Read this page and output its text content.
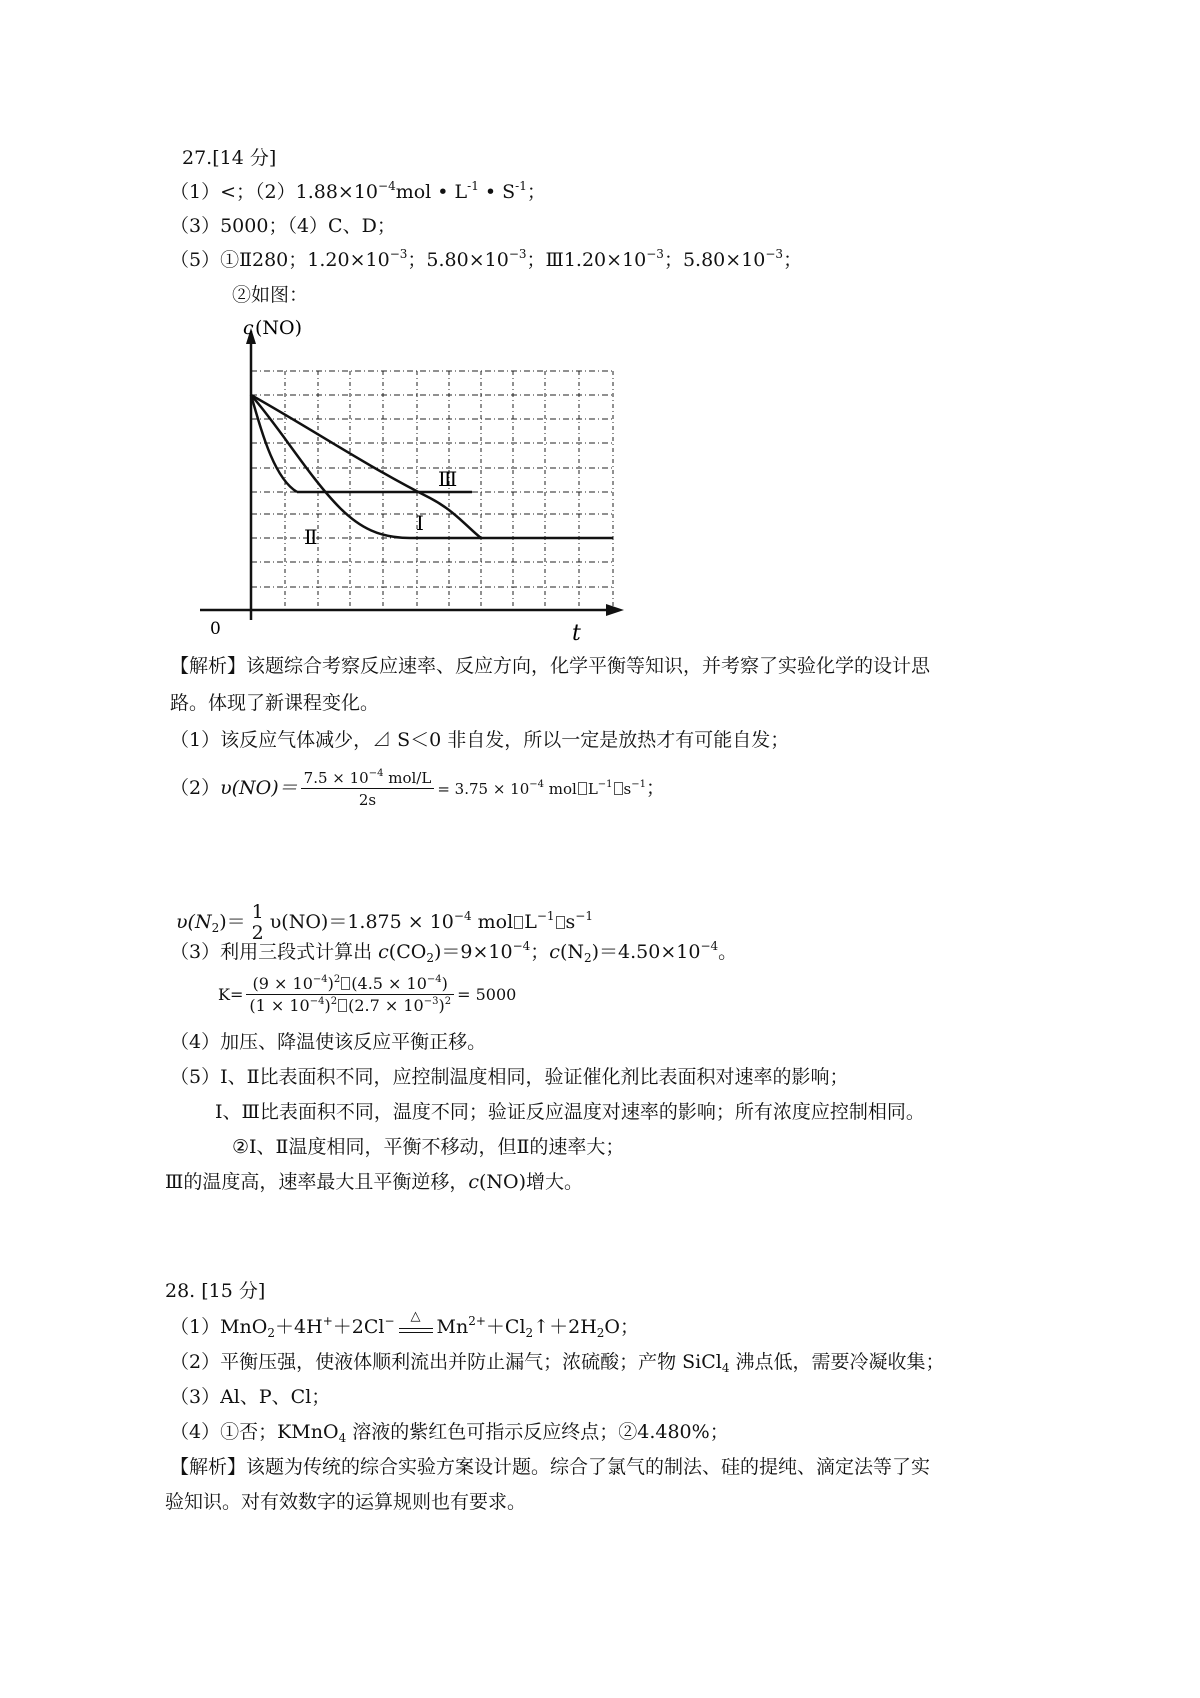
27.[14 分]
（1）<；$(2)1.88\times 10^{-4}mol$ • $L^{-1}$ • $S^{-1}$；
（3）5000；（4）C、D；
（5）①Ⅱ280；$1.20\times 10^{-3}$；$5.80\times 10^{-3}$；$Ⅲ1.20\times 10^{-3}$；$5.80\times 10^{-3}$；
②如图：
c (NO)
t
0
Ⅰ
Ⅱ
Ⅲ
【解析】该题综合考察反应速率、反应方向，化学平衡等知识，并考察了实验化学的设计思
路。体现了新课程变化。
（1）该反应气体减少，⊿ S＜0 非自发，所以一定是放热才有可能自发；
$(2)\upsilon(NO)= \frac{7.5 \times 10^{-4} mol/L}{2s} = 3.75 \times 10^{-4}$ mol $L^{-1}$ $s^{-1}$；
$\upsilon(N_2)= 1$
2 $\upsilon(NO)=1.875 \times 10^{-4}$ mol $L^{-1}$ $s^{-1}$
（3）利用三段式计算出 $c(CO_2)=9\times 10^{-4}$；$c(N_2)=4.50\times 10^{-4}$。
$K= \frac{(9 \times 10^{-4})^2 (4.5 \times 10^{-4})}{(1 \times 10^{-4})^2 (2.7 \times 10^{-3})^2} = 5000$
（4）加压、降温使该反应平衡正移。
（5）Ⅰ、Ⅱ比表面积不同，应控制温度相同，验证催化剂比表面积对速率的影响；
Ⅰ、Ⅲ比表面积不同，温度不同；验证反应温度对速率的影响；所有浓度应控制相同。
②Ⅰ、Ⅱ温度相同，平衡不移动，但Ⅱ的速率大；
Ⅲ的温度高，速率最大且平衡逆移，c(NO)增大。
28. [15 分]
（1）MnO$_2$＋4H+＋2Cl−	△ $Mn^{2+}+Cl_2↑+2H_2O$；
（2）平衡压强，使液体顺利流出并防止漏气；浓硫酸；产物 SiCl$_4$ 沸点低，需要冷凝收集；
（3）Al、P、Cl；
（4）①否；KMnO$_4$ 溶液的紫红色可指示反应终点；②4.480%；
【解析】该题为传统的综合实验方案设计题。综合了氯气的制法、硅的提纯、滴定法等了实
验知识。对有效数字的运算规则也有要求。
